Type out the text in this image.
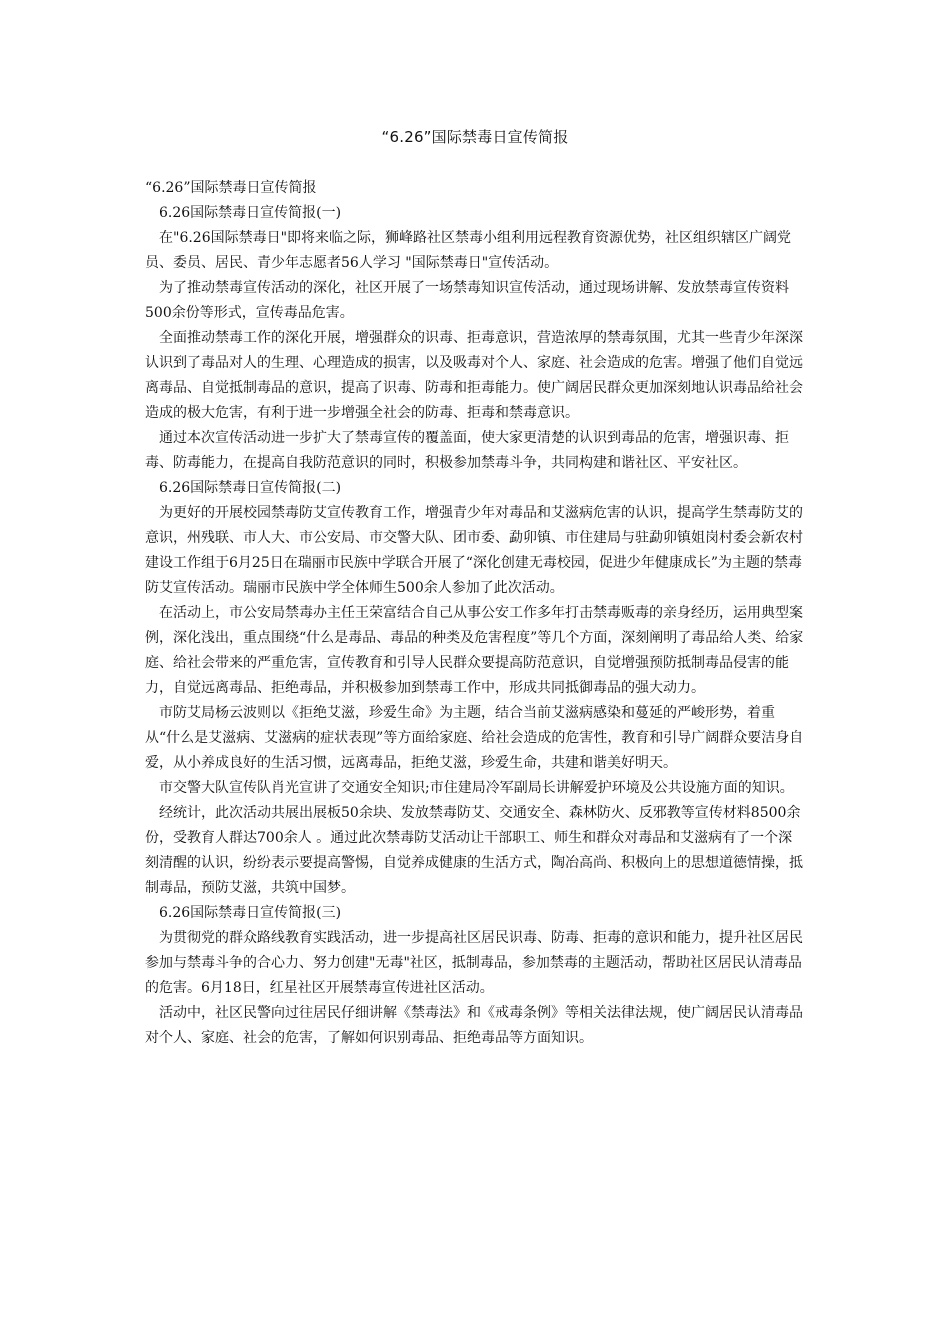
“6.26”国际禁毒日宣传简报

“6.26”国际禁毒日宣传简报

6.26国际禁毒日宣传简报(一)

在"6.26国际禁毒日"即将来临之际，狮峰路社区禁毒小组利用远程教育资源优势，社区组织辖区广阔党员、委员、居民、青少年志愿者56人学习 "国际禁毒日"宣传活动。

为了推动禁毒宣传活动的深化，社区开展了一场禁毒知识宣传活动，通过现场讲解、发放禁毒宣传资料500余份等形式，宣传毒品危害。

全面推动禁毒工作的深化开展，增强群众的识毒、拒毒意识，营造浓厚的禁毒氛围，尤其一些青少年深深认识到了毒品对人的生理、心理造成的损害，以及吸毒对个人、家庭、社会造成的危害。增强了他们自觉远离毒品、自觉抵制毒品的意识，提高了识毒、防毒和拒毒能力。使广阔居民群众更加深刻地认识毒品给社会造成的极大危害，有利于进一步增强全社会的防毒、拒毒和禁毒意识。

通过本次宣传活动进一步扩大了禁毒宣传的覆盖面，使大家更清楚的认识到毒品的危害，增强识毒、拒毒、防毒能力，在提高自我防范意识的同时，积极参加禁毒斗争，共同构建和谐社区、平安社区。

6.26国际禁毒日宣传简报(二)

为更好的开展校园禁毒防艾宣传教育工作，增强青少年对毒品和艾滋病危害的认识，提高学生禁毒防艾的意识，州残联、市人大、市公安局、市交警大队、团市委、勐卯镇、市住建局与驻勐卯镇姐岗村委会新农村建设工作组于6月25日在瑞丽市民族中学联合开展了“深化创建无毒校园，促进少年健康成长”为主题的禁毒防艾宣传活动。瑞丽市民族中学全体师生500余人参加了此次活动。

在活动上，市公安局禁毒办主任王荣富结合自己从事公安工作多年打击禁毒贩毒的亲身经历，运用典型案例，深化浅出，重点围绕“什么是毒品、毒品的种类及危害程度”等几个方面，深刻阐明了毒品给人类、给家庭、给社会带来的严重危害，宣传教育和引导人民群众要提高防范意识，自觉增强预防抵制毒品侵害的能力，自觉远离毒品、拒绝毒品，并积极参加到禁毒工作中，形成共同抵御毒品的强大动力。

市防艾局杨云波则以《拒绝艾滋，珍爱生命》为主题，结合当前艾滋病感染和蔓延的严峻形势，着重从“什么是艾滋病、艾滋病的症状表现”等方面给家庭、给社会造成的危害性，教育和引导广阔群众要洁身自爱，从小养成良好的生活习惯，远离毒品，拒绝艾滋，珍爱生命，共建和谐美好明天。

市交警大队宣传队肖光宣讲了交通安全知识;市住建局冷军副局长讲解爱护环境及公共设施方面的知识。

经统计，此次活动共展出展板50余块、发放禁毒防艾、交通安全、森林防火、反邪教等宣传材料8500余份，受教育人群达700余人 。通过此次禁毒防艾活动让干部职工、师生和群众对毒品和艾滋病有了一个深刻清醒的认识，纷纷表示要提高警惕，自觉养成健康的生活方式，陶冶高尚、积极向上的思想道德情操，抵制毒品，预防艾滋，共筑中国梦。

6.26国际禁毒日宣传简报(三)

为贯彻党的群众路线教育实践活动，进一步提高社区居民识毒、防毒、拒毒的意识和能力，提升社区居民参加与禁毒斗争的合心力、努力创建"无毒"社区，抵制毒品，参加禁毒的主题活动，帮助社区居民认清毒品的危害。6月18日，红星社区开展禁毒宣传进社区活动。

活动中，社区民警向过往居民仔细讲解《禁毒法》和《戒毒条例》等相关法律法规，使广阔居民认清毒品对个人、家庭、社会的危害，了解如何识别毒品、拒绝毒品等方面知识。
